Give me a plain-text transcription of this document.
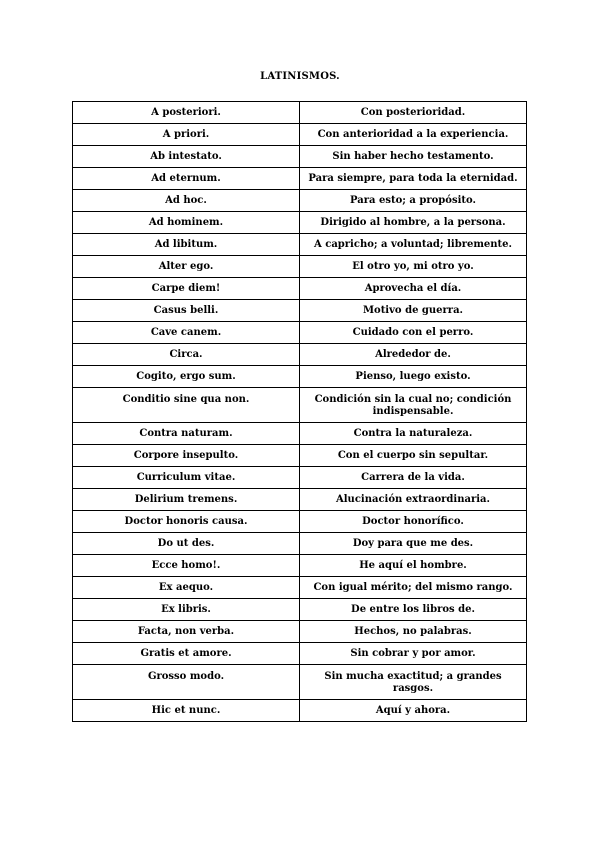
LATINISMOS.
A posteriori.	Con posterioridad.
A priori.	Con anterioridad a la experiencia.
Ab intestato.	Sin haber hecho testamento.
Ad eternum.	Para siempre, para toda la eternidad.
Ad hoc.	Para esto; a propósito.
Ad hominem.	Dirigido al hombre, a la persona.
Ad libitum.	A capricho; a voluntad; libremente.
Alter ego.	El otro yo, mi otro yo.
Carpe diem!	Aprovecha el día.
Casus belli.	Motivo de guerra.
Cave canem.	Cuidado con el perro.
Circa.	Alrededor de.
Cogito, ergo sum.	Pienso, luego existo.
Conditio sine qua non.	Condición sin la cual no; condición indispensable.
Contra naturam.	Contra la naturaleza.
Corpore insepulto.	Con el cuerpo sin sepultar.
Curriculum vitae.	Carrera de la vida.
Delirium tremens.	Alucinación extraordinaria.
Doctor honoris causa.	Doctor honorífico.
Do ut des.	Doy para que me des.
Ecce homo!.	He aquí el hombre.
Ex aequo.	Con igual mérito; del mismo rango.
Ex libris.	De entre los libros de.
Facta, non verba.	Hechos, no palabras.
Gratis et amore.	Sin cobrar y por amor.
Grosso modo.	Sin mucha exactitud; a grandes rasgos.
Hic et nunc.	Aquí y ahora.
